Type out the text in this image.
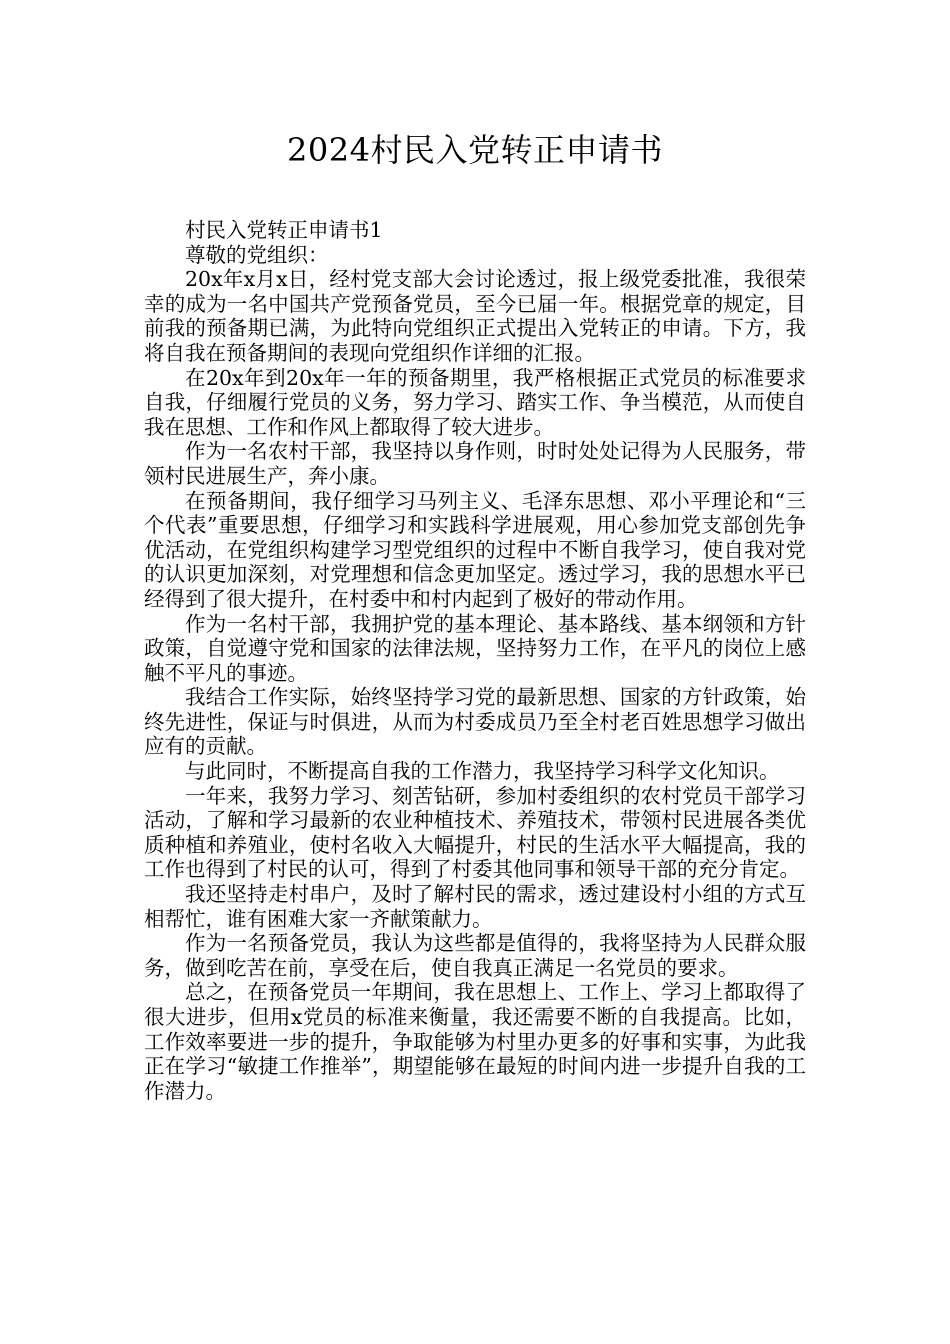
2024村民入党转正申请书

村民入党转正申请书1

尊敬的党组织：

20x年x月x日，经村党支部大会讨论透过，报上级党委批准，我很荣幸的成为一名中国共产党预备党员，至今已届一年。根据党章的规定，目前我的预备期已满，为此特向党组织正式提出入党转正的申请。下方，我将自我在预备期间的表现向党组织作详细的汇报。

在20x年到20x年一年的预备期里，我严格根据正式党员的标准要求自我，仔细履行党员的义务，努力学习、踏实工作、争当模范，从而使自我在思想、工作和作风上都取得了较大进步。

作为一名农村干部，我坚持以身作则，时时处处记得为人民服务，带领村民进展生产，奔小康。

在预备期间，我仔细学习马列主义、毛泽东思想、邓小平理论和“三个代表”重要思想，仔细学习和实践科学进展观，用心参加党支部创先争优活动，在党组织构建学习型党组织的过程中不断自我学习，使自我对党的认识更加深刻，对党理想和信念更加坚定。透过学习，我的思想水平已经得到了很大提升，在村委中和村内起到了极好的带动作用。

作为一名村干部，我拥护党的基本理论、基本路线、基本纲领和方针政策，自觉遵守党和国家的法律法规，坚持努力工作，在平凡的岗位上感触不平凡的事迹。

我结合工作实际，始终坚持学习党的最新思想、国家的方针政策，始终先进性，保证与时俱进，从而为村委成员乃至全村老百姓思想学习做出应有的贡献。

与此同时，不断提高自我的工作潜力，我坚持学习科学文化知识。

一年来，我努力学习、刻苦钻研，参加村委组织的农村党员干部学习活动，了解和学习最新的农业种植技术、养殖技术，带领村民进展各类优质种植和养殖业，使村名收入大幅提升，村民的生活水平大幅提高，我的工作也得到了村民的认可，得到了村委其他同事和领导干部的充分肯定。

我还坚持走村串户，及时了解村民的需求，透过建设村小组的方式互相帮忙，谁有困难大家一齐献策献力。

作为一名预备党员，我认为这些都是值得的，我将坚持为人民群众服务，做到吃苦在前，享受在后，使自我真正满足一名党员的要求。

总之，在预备党员一年期间，我在思想上、工作上、学习上都取得了很大进步，但用x党员的标准来衡量，我还需要不断的自我提高。比如，工作效率要进一步的提升，争取能够为村里办更多的好事和实事，为此我正在学习“敏捷工作推举”，期望能够在最短的时间内进一步提升自我的工作潜力。
